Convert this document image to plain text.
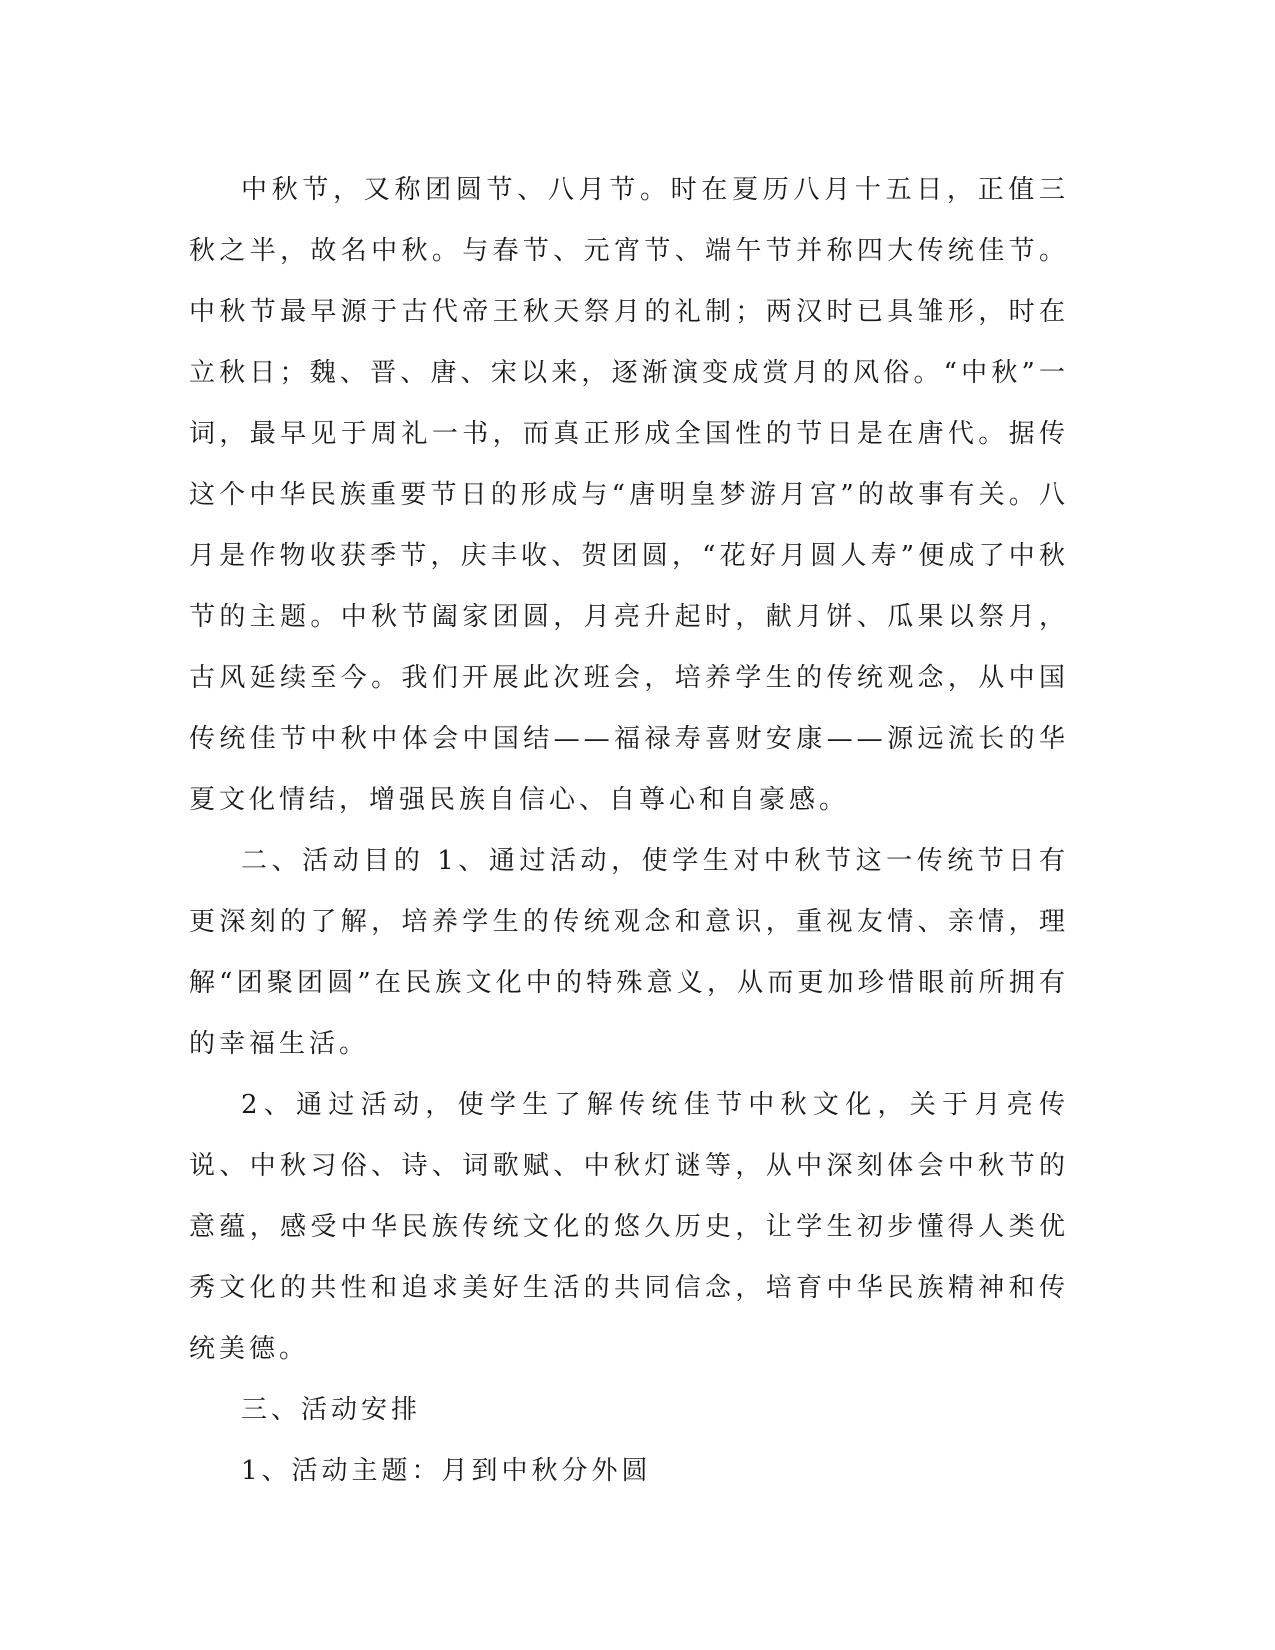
中秋节，又称团圆节、八月节。时在夏历八月十五日，正值三秋之半，故名中秋。与春节、元宵节、端午节并称四大传统佳节。中秋节最早源于古代帝王秋天祭月的礼制；两汉时已具雏形，时在立秋日；魏、晋、唐、宋以来，逐渐演变成赏月的风俗。“中秋”一词，最早见于周礼一书，而真正形成全国性的节日是在唐代。据传这个中华民族重要节日的形成与“唐明皇梦游月宫”的故事有关。八月是作物收获季节，庆丰收、贺团圆，“花好月圆人寿”便成了中秋节的主题。中秋节阖家团圆，月亮升起时，献月饼、瓜果以祭月，古风延续至今。我们开展此次班会，培养学生的传统观念，从中国传统佳节中秋中体会中国结——福禄寿喜财安康——源远流长的华夏文化情结，增强民族自信心、自尊心和自豪感。

二、活动目的 1、通过活动，使学生对中秋节这一传统节日有更深刻的了解，培养学生的传统观念和意识，重视友情、亲情，理解“团聚团圆”在民族文化中的特殊意义，从而更加珍惜眼前所拥有的幸福生活。

2、通过活动，使学生了解传统佳节中秋文化，关于月亮传说、中秋习俗、诗、词歌赋、中秋灯谜等，从中深刻体会中秋节的意蕴，感受中华民族传统文化的悠久历史，让学生初步懂得人类优秀文化的共性和追求美好生活的共同信念，培育中华民族精神和传统美德。

三、活动安排

1、活动主题：月到中秋分外圆
